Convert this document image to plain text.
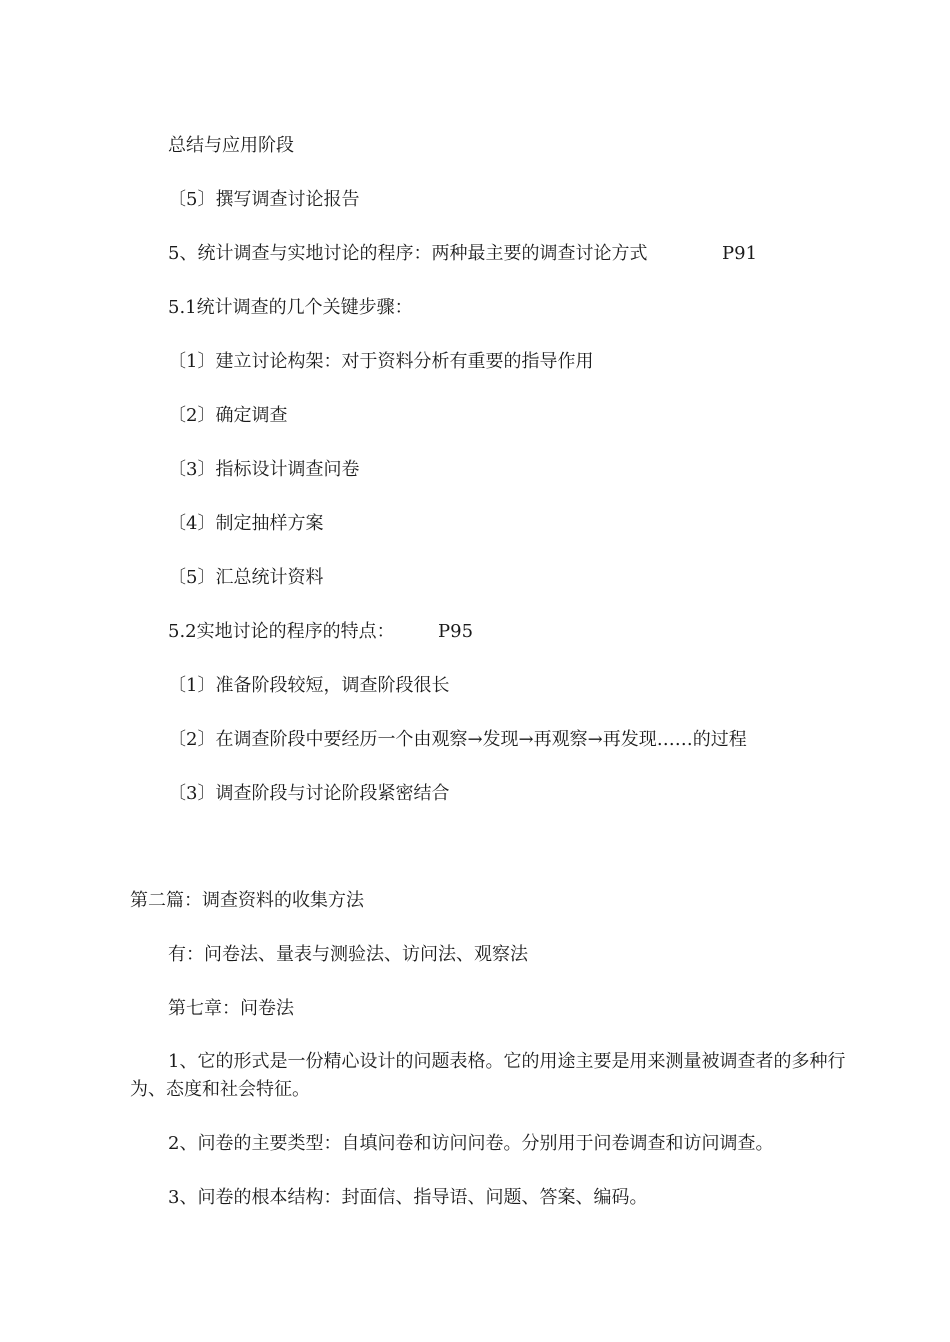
总结与应用阶段
〔5〕撰写调查讨论报告
5、统计调查与实地讨论的程序：两种最主要的调查讨论方式	P91
5.1统计调查的几个关键步骤：
〔1〕建立讨论构架：对于资料分析有重要的指导作用
〔2〕确定调查
〔3〕指标设计调查问卷
〔4〕制定抽样方案
〔5〕汇总统计资料
5.2实地讨论的程序的特点： P95
〔1〕准备阶段较短，调查阶段很长
〔2〕在调查阶段中要经历一个由观察→发现→再观察→再发现……的过程
〔3〕调查阶段与讨论阶段紧密结合
第二篇：调查资料的收集方法
有：问卷法、量表与测验法、访问法、观察法
第七章：问卷法
1、它的形式是一份精心设计的问题表格。它的用途主要是用来测量被调查者的多种行为、态度和社会特征。
2、问卷的主要类型：自填问卷和访问问卷。分别用于问卷调查和访问调查。
3、问卷的根本结构：封面信、指导语、问题、答案、编码。
